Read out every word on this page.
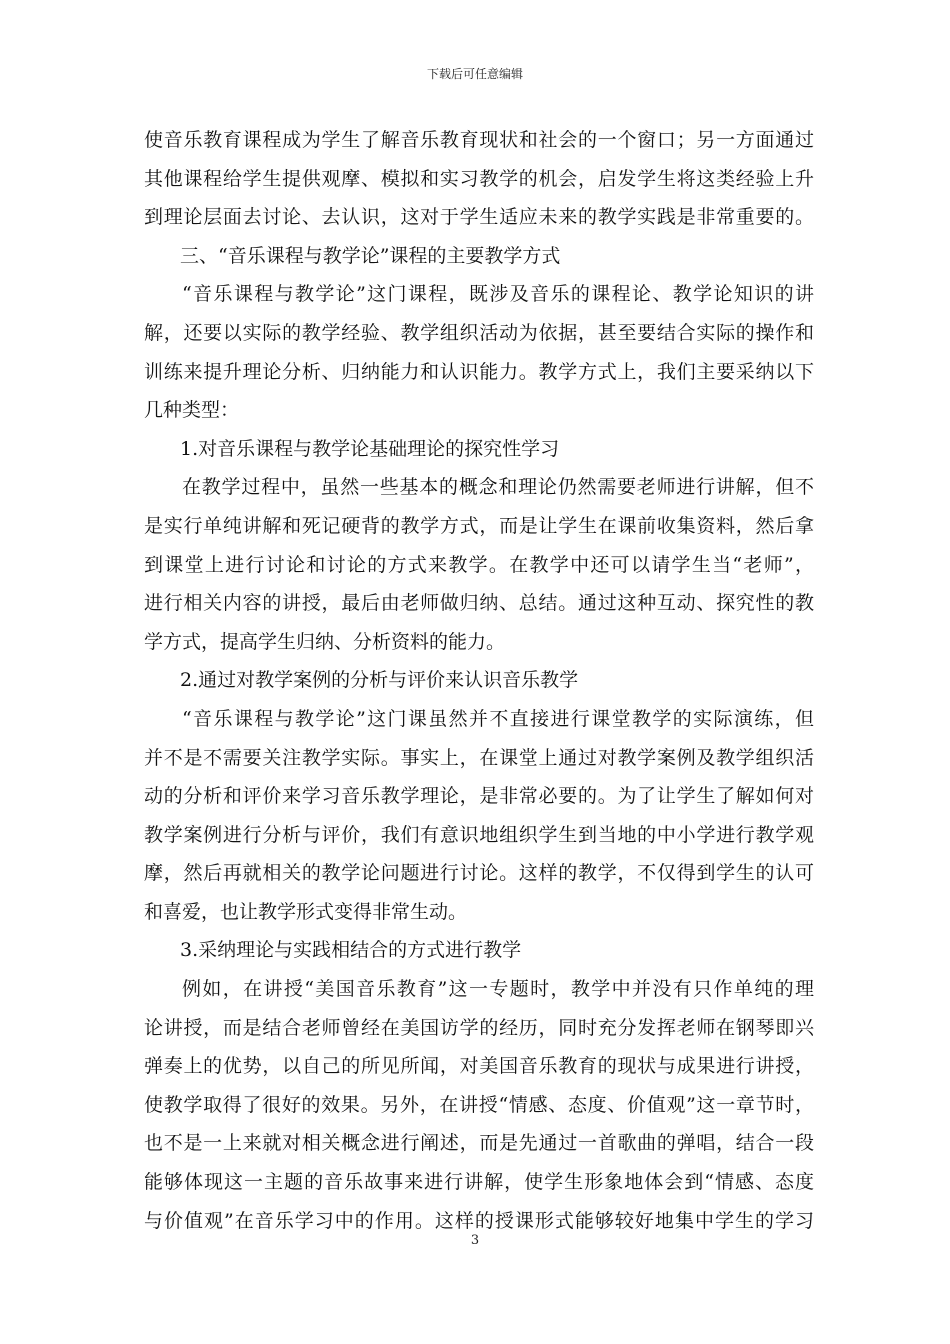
下载后可任意编辑
使音乐教育课程成为学生了解音乐教育现状和社会的一个窗口；另一方面通过
其他课程给学生提供观摩、模拟和实习教学的机会，启发学生将这类经验上升
到理论层面去讨论、去认识，这对于学生适应未来的教学实践是非常重要的。
三、“音乐课程与教学论”课程的主要教学方式
“音乐课程与教学论”这门课程，既涉及音乐的课程论、教学论知识的讲
解，还要以实际的教学经验、教学组织活动为依据，甚至要结合实际的操作和
训练来提升理论分析、归纳能力和认识能力。教学方式上，我们主要采纳以下
几种类型：
1.对音乐课程与教学论基础理论的探究性学习
在教学过程中，虽然一些基本的概念和理论仍然需要老师进行讲解，但不
是实行单纯讲解和死记硬背的教学方式，而是让学生在课前收集资料，然后拿
到课堂上进行讨论和讨论的方式来教学。在教学中还可以请学生当“老师”，
进行相关内容的讲授，最后由老师做归纳、总结。通过这种互动、探究性的教
学方式，提高学生归纳、分析资料的能力。
2.通过对教学案例的分析与评价来认识音乐教学
“音乐课程与教学论”这门课虽然并不直接进行课堂教学的实际演练，但
并不是不需要关注教学实际。事实上，在课堂上通过对教学案例及教学组织活
动的分析和评价来学习音乐教学理论，是非常必要的。为了让学生了解如何对
教学案例进行分析与评价，我们有意识地组织学生到当地的中小学进行教学观
摩，然后再就相关的教学论问题进行讨论。这样的教学，不仅得到学生的认可
和喜爱，也让教学形式变得非常生动。
3.采纳理论与实践相结合的方式进行教学
例如，在讲授“美国音乐教育”这一专题时，教学中并没有只作单纯的理
论讲授，而是结合老师曾经在美国访学的经历，同时充分发挥老师在钢琴即兴
弹奏上的优势，以自己的所见所闻，对美国音乐教育的现状与成果进行讲授，
使教学取得了很好的效果。另外，在讲授“情感、态度、价值观”这一章节时，
也不是一上来就对相关概念进行阐述，而是先通过一首歌曲的弹唱，结合一段
能够体现这一主题的音乐故事来进行讲解，使学生形象地体会到“情感、态度
与价值观”在音乐学习中的作用。这样的授课形式能够较好地集中学生的学习
3
